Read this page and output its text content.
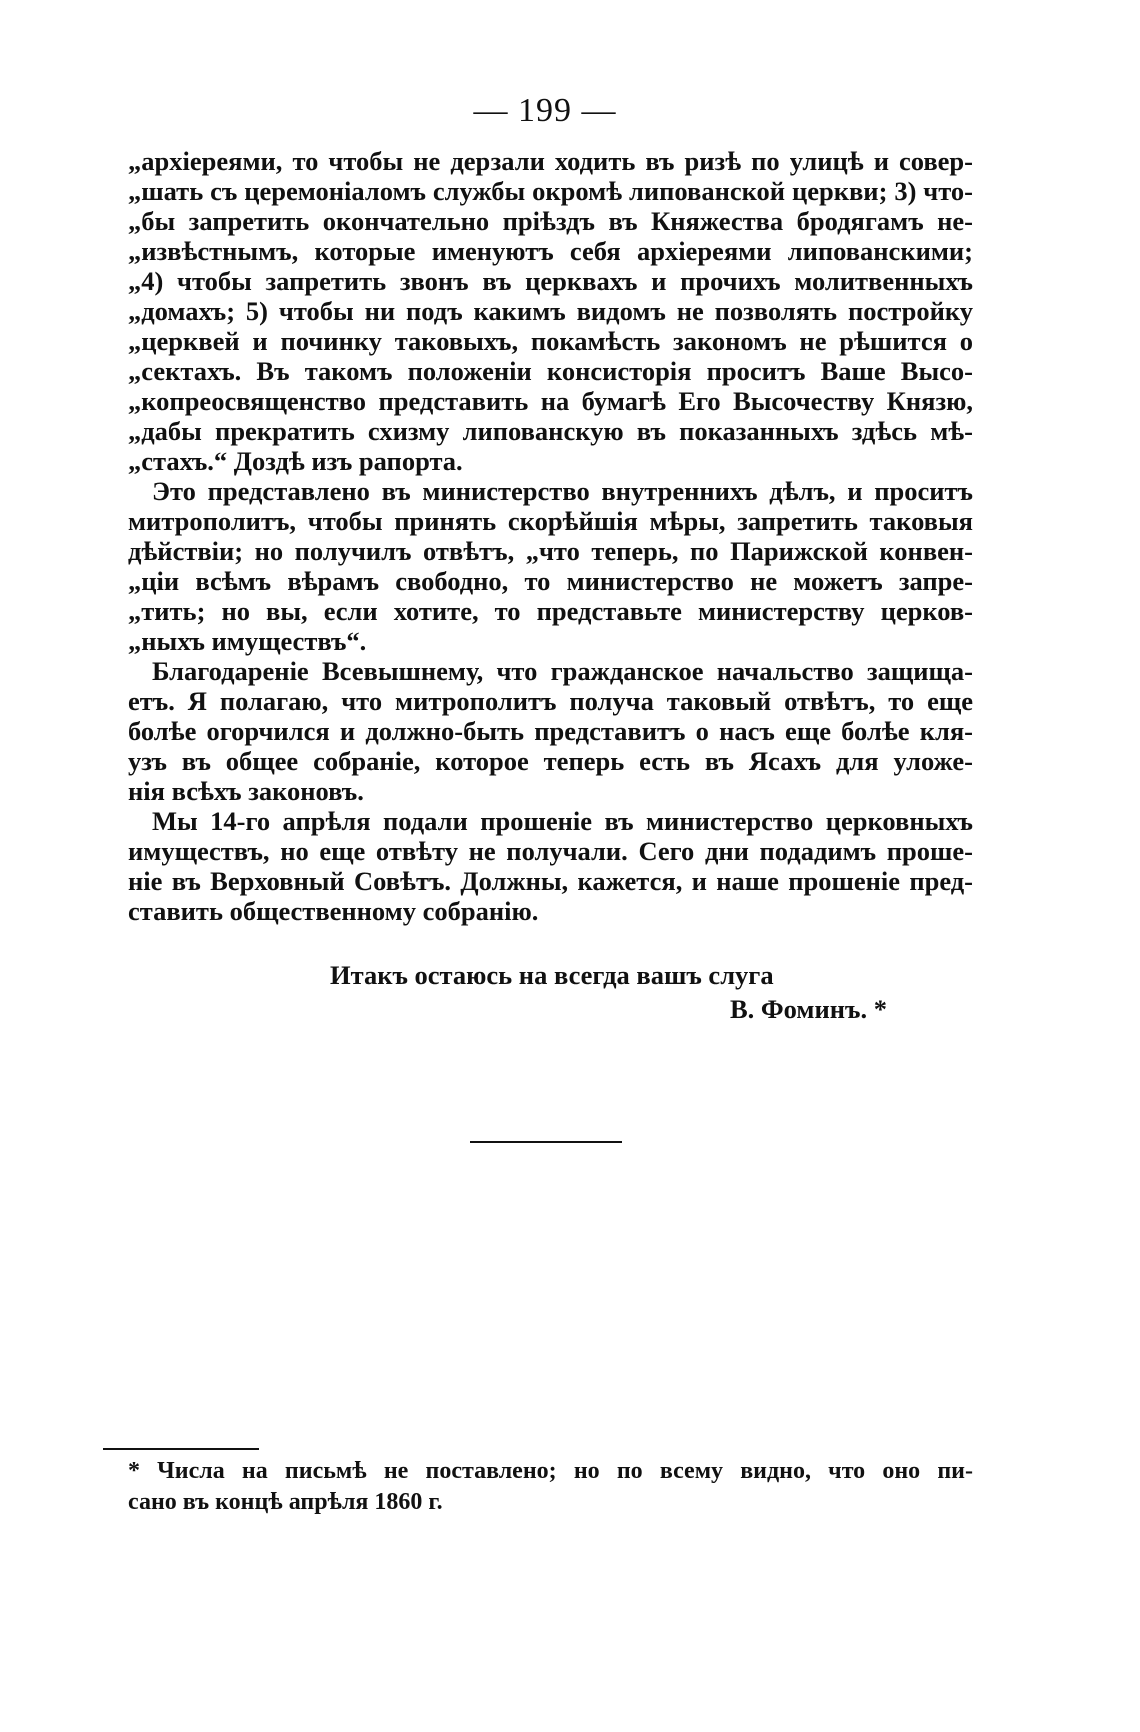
— 199 —
„архіереями, то чтобы не дерзали ходить въ ризѣ по улицѣ и совер-
„шать съ церемоніаломъ службы окромѣ липованской церкви; 3) что-
„бы запретить окончательно пріѣздъ въ Княжества бродягамъ не-
„извѣстнымъ, которые именуютъ себя архіереями липованскими;
„4) чтобы запретить звонъ въ церквахъ и прочихъ молитвенныхъ
„домахъ; 5) чтобы ни подъ какимъ видомъ не позволять постройку
„церквей и починку таковыхъ, покамѣсть закономъ не рѣшится о
„сектахъ. Въ такомъ положеніи консисторія проситъ Ваше Высо-
„копреосвященство представить на бумагѣ Его Высочеству Князю,
„дабы прекратить схизму липованскую въ показанныхъ здѣсь мѣ-
„стахъ.“ Доздѣ изъ рапорта.
Это представлено въ министерство внутреннихъ дѣлъ, и проситъ
митрополитъ, чтобы принять скорѣйшія мѣры, запретить таковыя
дѣйствіи; но получилъ отвѣтъ, „что теперь, по Парижской конвен-
„ціи всѣмъ вѣрамъ свободно, то министерство не можетъ запре-
„тить; но вы, если хотите, то представьте министерству церков-
„ныхъ имуществъ“.
Благодареніе Всевышнему, что гражданское начальство защища-
етъ. Я полагаю, что митрополитъ получа таковый отвѣтъ, то еще
болѣе огорчился и должно-быть представитъ о насъ еще болѣе кля-
узъ въ общее собраніе, которое теперь есть въ Ясахъ для уложе-
нія всѣхъ законовъ.
Мы 14-го апрѣля подали прошеніе въ министерство церковныхъ
имуществъ, но еще отвѣту не получали. Сего дни подадимъ проше-
ніе въ Верховный Совѣтъ. Должны, кажется, и наше прошеніе пред-
ставить общественному собранію.
Итакъ остаюсь на всегда вашъ слуга
В. Фоминъ. *
* Числа на письмѣ не поставлено; но по всему видно, что оно пи-
сано въ концѣ апрѣля 1860 г.
